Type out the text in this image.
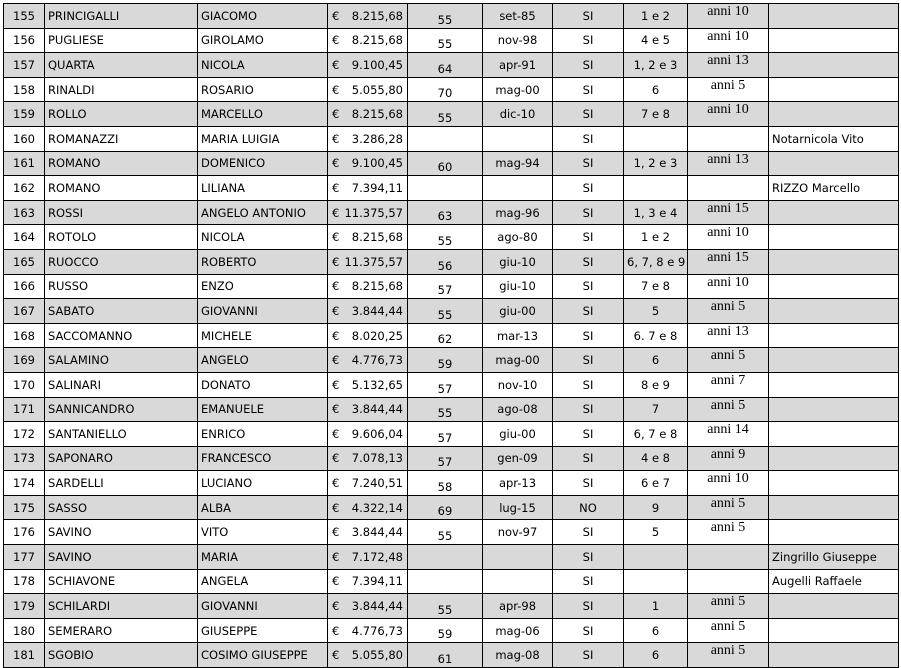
155	PRINCIGALLI	GIACOMO	€ 8.215,68	55	set-85	SI	1 e 2	anni 10	
156	PUGLIESE	GIROLAMO	€ 8.215,68	55	nov-98	SI	4 e 5	anni 10	
157	QUARTA	NICOLA	€ 9.100,45	64	apr-91	SI	1, 2 e 3	anni 13	
158	RINALDI	ROSARIO	€ 5.055,80	70	mag-00	SI	6	anni 5	
159	ROLLO	MARCELLO	€ 8.215,68	55	dic-10	SI	7 e 8	anni 10	
160	ROMANAZZI	MARIA LUIGIA	€ 3.286,28			SI			Notarnicola Vito
161	ROMANO	DOMENICO	€ 9.100,45	60	mag-94	SI	1, 2 e 3	anni 13	
162	ROMANO	LILIANA	€ 7.394,11			SI			RIZZO Marcello
163	ROSSI	ANGELO ANTONIO	€ 11.375,57	63	mag-96	SI	1, 3 e 4	anni 15	
164	ROTOLO	NICOLA	€ 8.215,68	55	ago-80	SI	1 e 2	anni 10	
165	RUOCCO	ROBERTO	€ 11.375,57	56	giu-10	SI	6, 7, 8 e 9	anni 15	
166	RUSSO	ENZO	€ 8.215,68	57	giu-10	SI	7 e 8	anni 10	
167	SABATO	GIOVANNI	€ 3.844,44	55	giu-00	SI	5	anni 5	
168	SACCOMANNO	MICHELE	€ 8.020,25	62	mar-13	SI	6. 7 e 8	anni 13	
169	SALAMINO	ANGELO	€ 4.776,73	59	mag-00	SI	6	anni 5	
170	SALINARI	DONATO	€ 5.132,65	57	nov-10	SI	8 e 9	anni 7	
171	SANNICANDRO	EMANUELE	€ 3.844,44	55	ago-08	SI	7	anni 5	
172	SANTANIELLO	ENRICO	€ 9.606,04	57	giu-00	SI	6, 7 e 8	anni 14	
173	SAPONARO	FRANCESCO	€ 7.078,13	57	gen-09	SI	4 e 8	anni 9	
174	SARDELLI	LUCIANO	€ 7.240,51	58	apr-13	SI	6 e 7	anni 10	
175	SASSO	ALBA	€ 4.322,14	69	lug-15	NO	9	anni 5	
176	SAVINO	VITO	€ 3.844,44	55	nov-97	SI	5	anni 5	
177	SAVINO	MARIA	€ 7.172,48			SI			Zingrillo Giuseppe
178	SCHIAVONE	ANGELA	€ 7.394,11			SI			Augelli Raffaele
179	SCHILARDI	GIOVANNI	€ 3.844,44	55	apr-98	SI	1	anni 5	
180	SEMERARO	GIUSEPPE	€ 4.776,73	59	mag-06	SI	6	anni 5	
181	SGOBIO	COSIMO GIUSEPPE	€ 5.055,80	61	mag-08	SI	6	anni 5	
